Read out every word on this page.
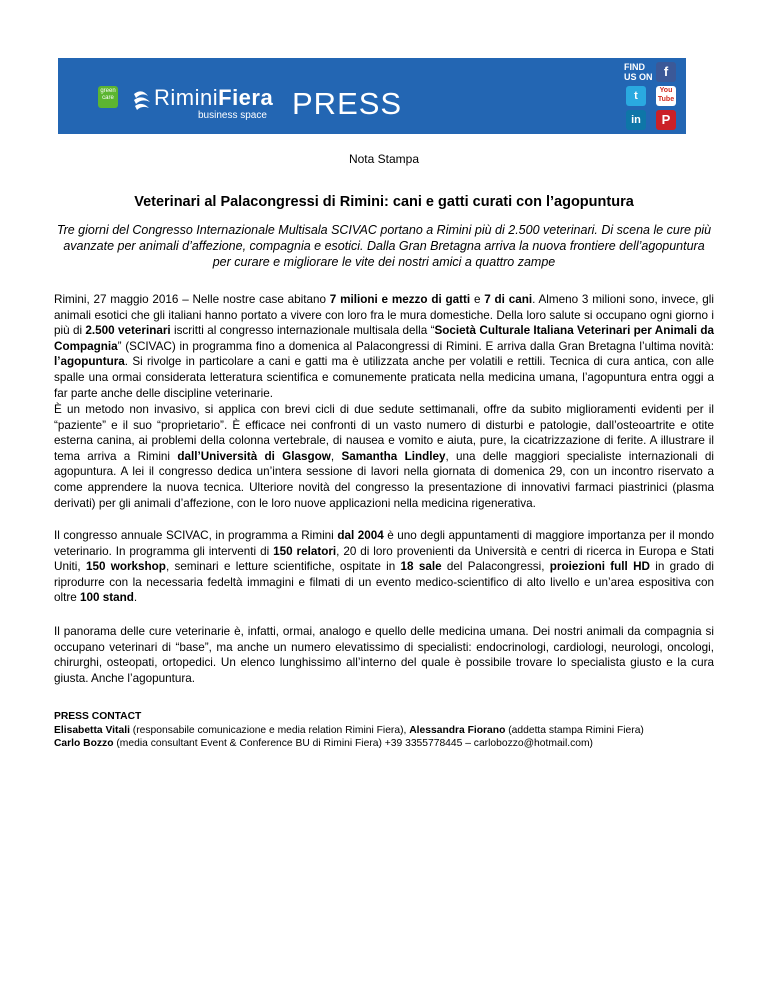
green
care RiminiFiera
business space PRESS
FIND
US ON f
t	You
Tube
in	P
Nota Stampa
Veterinari al Palacongressi di Rimini: cani e gatti curati con l’agopuntura
Tre giorni del Congresso Internazionale Multisala SCIVAC portano a Rimini più di 2.500 veterinari. Di scena le cure più avanzate per animali d’affezione, compagnia e esotici. Dalla Gran Bretagna arriva la nuova frontiere dell’agopuntura per curare e migliorare le vite dei nostri amici a quattro zampe
Rimini, 27 maggio 2016 – Nelle nostre case abitano 7 milioni e mezzo di gatti e 7 di cani. Almeno 3 milioni sono, invece, gli animali esotici che gli italiani hanno portato a vivere con loro fra le mura domestiche. Della loro salute si occupano ogni giorno i più di 2.500 veterinari iscritti al congresso internazionale multisala della “Società Culturale Italiana Veterinari per Animali da Compagnia” (SCIVAC) in programma fino a domenica al Palacongressi di Rimini. E arriva dalla Gran Bretagna l’ultima novità: l’agopuntura. Si rivolge in particolare a cani e gatti ma è utilizzata anche per volatili e rettili. Tecnica di cura antica, con alle spalle una ormai considerata letteratura scientifica e comunemente praticata nella medicina umana, l’agopuntura entra oggi a far parte anche delle discipline veterinarie.
È un metodo non invasivo, si applica con brevi cicli di due sedute settimanali, offre da subito miglioramenti evidenti per il “paziente” e il suo “proprietario”. È efficace nei confronti di un vasto numero di disturbi e patologie, dall’osteoartrite e otite esterna canina, ai problemi della colonna vertebrale, di nausea e vomito e aiuta, pure, la cicatrizzazione di ferite. A illustrare il tema arriva a Rimini dall’Università di Glasgow, Samantha Lindley, una delle maggiori specialiste internazionali di agopuntura. A lei il congresso dedica un’intera sessione di lavori nella giornata di domenica 29, con un incontro riservato a come apprendere la nuova tecnica. Ulteriore novità del congresso la presentazione di innovativi farmaci piastrinici (plasma derivati) per gli animali d’affezione, con le loro nuove applicazioni nella medicina rigenerativa.
Il congresso annuale SCIVAC, in programma a Rimini dal 2004 è uno degli appuntamenti di maggiore importanza per il mondo veterinario. In programma gli interventi di 150 relatori, 20 di loro provenienti da Università e centri di ricerca in Europa e Stati Uniti, 150 workshop, seminari e letture scientifiche, ospitate in 18 sale del Palacongressi, proiezioni full HD in grado di riprodurre con la necessaria fedeltà immagini e filmati di un evento medico-scientifico di alto livello e un’area espositiva con oltre 100 stand.
Il panorama delle cure veterinarie è, infatti, ormai, analogo e quello delle medicina umana. Dei nostri animali da compagnia si occupano veterinari di “base”, ma anche un numero elevatissimo di specialisti: endocrinologi, cardiologi, neurologi, oncologi, chirurghi, osteopati, ortopedici. Un elenco lunghissimo all’interno del quale è possibile trovare lo specialista giusto e la cura giusta. Anche l’agopuntura.
PRESS CONTACT
Elisabetta Vitali (responsabile comunicazione e media relation Rimini Fiera), Alessandra Fiorano (addetta stampa Rimini Fiera)
Carlo Bozzo (media consultant Event & Conference BU di Rimini Fiera) +39 3355778445 – carlobozzo@hotmail.com)
